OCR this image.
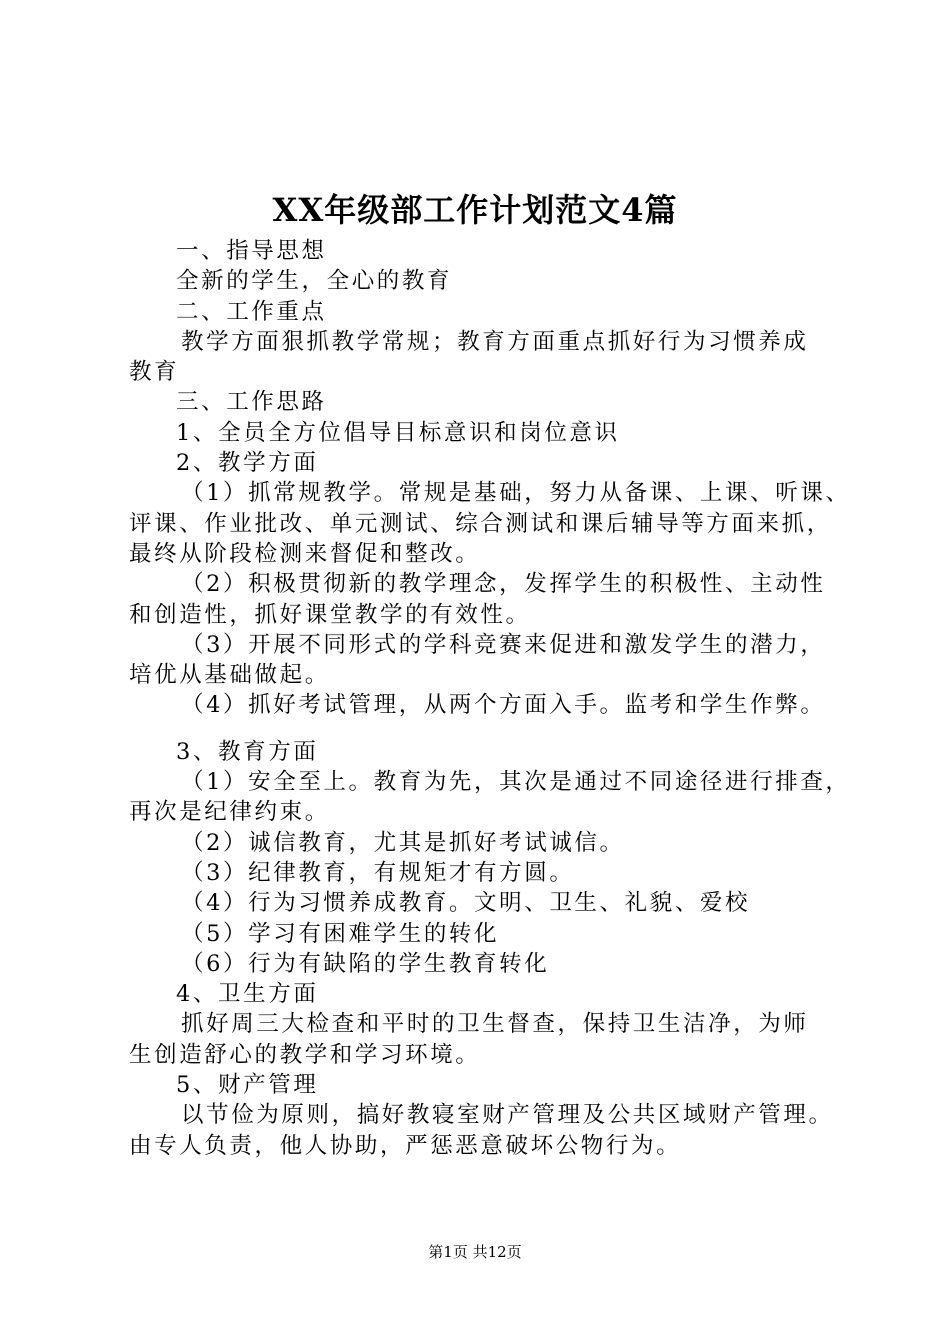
XX年级部工作计划范文4篇
一、指导思想
全新的学生，全心的教育
二、工作重点
教学方面狠抓教学常规；教育方面重点抓好行为习惯养成
教育
三、工作思路
1、全员全方位倡导目标意识和岗位意识
2、教学方面
（1）抓常规教学。常规是基础，努力从备课、上课、听课、
评课、作业批改、单元测试、综合测试和课后辅导等方面来抓，
最终从阶段检测来督促和整改。
（2）积极贯彻新的教学理念，发挥学生的积极性、主动性
和创造性，抓好课堂教学的有效性。
（3）开展不同形式的学科竞赛来促进和激发学生的潜力，
培优从基础做起。
（4）抓好考试管理，从两个方面入手。监考和学生作弊。
3、教育方面
（1）安全至上。教育为先，其次是通过不同途径进行排查，
再次是纪律约束。
（2）诚信教育，尤其是抓好考试诚信。
（3）纪律教育，有规矩才有方圆。
（4）行为习惯养成教育。文明、卫生、礼貌、爱校
（5）学习有困难学生的转化
（6）行为有缺陷的学生教育转化
4、卫生方面
抓好周三大检查和平时的卫生督查，保持卫生洁净，为师
生创造舒心的教学和学习环境。
5、财产管理
以节俭为原则，搞好教寝室财产管理及公共区域财产管理。
由专人负责，他人协助，严惩恶意破坏公物行为。
第1页 共12页
